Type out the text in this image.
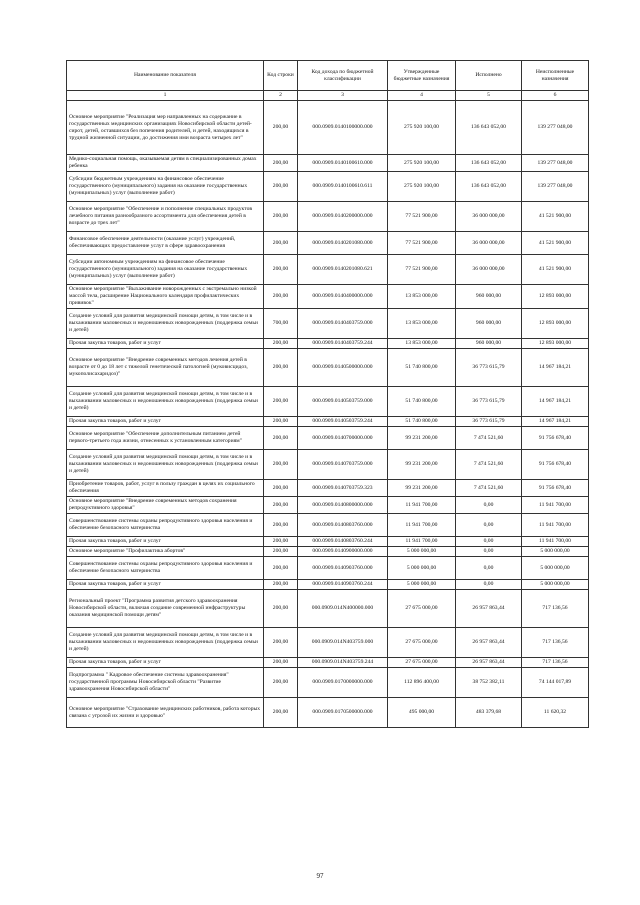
Наименование показателя	Код строки	Код дохода по бюджетной классификации	Утвержденные бюджетные назначения	Исполнено	Неисполненные назначения
1	2	3	4	5	6
Основное мероприятие "Реализация мер направленных на содержание в государственных медицинских организациях Новосибирской области детей-сирот, детей, оставшихся без попечения родителей, и детей, находящихся в трудной жизненной ситуации, до достижения ими возраста четырех лет"	200,00	000.0909.0140100000.000	275 920 100,00	136 643 052,00	139 277 048,00
Медико-социальная помощь, оказываемая детям в специализированных домах ребенка	200,00	000.0909.0140100610.000	275 920 100,00	136 643 052,00	139 277 048,00
Субсидии бюджетным учреждениям на финансовое обеспечение государственного (муниципального) задания на оказание государственных (муниципальных) услуг (выполнение работ)	200,00	000.0909.0140100610.611	275 920 100,00	136 643 052,00	139 277 048,00
Основное мероприятие "Обеспечение и пополнение специальных продуктов лечебного питания разнообразного ассортимента для обеспечения детей в возрасте до трех лет"	200,00	000.0909.0140200000.000	77 521 900,00	36 000 000,00	41 521 900,00
Финансовое обеспечение деятельности (оказание услуг) учреждений, обеспечивающих предоставление услуг в сфере здравоохранения	200,00	000.0909.0140201080.000	77 521 900,00	36 000 000,00	41 521 900,00
Субсидии автономным учреждениям на финансовое обеспечение государственного (муниципального) задания на оказание государственных (муниципальных) услуг (выполнение работ)	200,00	000.0909.0140201080.621	77 521 900,00	36 000 000,00	41 521 900,00
Основное мероприятие "Выхаживание новорожденных с экстремально низкой массой тела, расширение Национального календаря профилактических прививок"	200,00	000.0909.0140400000.000	13 853 000,00	960 000,00	12 893 000,00
Создание условий для развития медицинской помощи детям, в том числе и в выхаживании маловесных и недоношенных новорожденных (поддержка семьи и детей)	700,00	000.0909.0140403759.000	13 853 000,00	960 000,00	12 893 000,00
Прочая закупка товаров, работ и услуг	200,00	000.0909.0140403759.244	13 853 000,00	960 000,00	12 893 000,00
Основное мероприятие "Внедрение современных методов лечения детей в возрасте от 0 до 18 лет с тяжелой генетической патологией (муковисцидоз, мукополисахаридоз)"	200,00	000.0909.0140500000.000	51 740 800,00	36 773 615,79	14 967 184,21
Создание условий для развития медицинской помощи детям, в том числе и в выхаживании маловесных и недоношенных новорожденных (поддержка семьи и детей)	200,00	000.0909.0140503759.000	51 740 800,00	36 773 615,79	14 967 184,21
Прочая закупка товаров, работ и услуг	200,00	000.0909.0140503759.244	51 740 800,00	36 773 615,79	14 967 184,21
Основное мероприятие "Обеспечение дополнительным питанием детей первого-третьего года жизни, отнесенных к установленным категориям"	200,00	000.0909.0140700000.000	99 231 200,00	7 474 521,60	91 756 678,40
Создание условий для развития медицинской помощи детям, в том числе и в выхаживании маловесных и недоношенных новорожденных (поддержка семьи и детей)	200,00	000.0909.0140703759.000	99 231 200,00	7 474 521,60	91 756 678,40
Приобретение товаров, работ, услуг в пользу граждан в целях их социального обеспечения	200,00	000.0909.0140703759.323	99 231 200,00	7 474 521,60	91 756 678,40
Основное мероприятие "Внедрение современных методов сохранения репродуктивного здоровья"	200,00	000.0909.0140800000.000	11 941 700,00	0,00	11 941 700,00
Совершенствование системы охраны репродуктивного здоровья населения и обеспечение безопасного материнства	200,00	000.0909.0140803760.000	11 941 700,00	0,00	11 941 700,00
Прочая закупка товаров, работ и услуг	200,00	000.0909.0140803760.244	11 941 700,00	0,00	11 941 700,00
Основное мероприятие "Профилактика абортов"	200,00	000.0909.0140900000.000	5 000 000,00	0,00	5 000 000,00
Совершенствование системы охраны репродуктивного здоровья населения и обеспечение безопасного материнства	200,00	000.0909.0140903760.000	5 000 000,00	0,00	5 000 000,00
Прочая закупка товаров, работ и услуг	200,00	000.0909.0140903760.244	5 000 000,00	0,00	5 000 000,00
Региональный проект "Программа развития детского здравоохранения Новосибирской области, включая создание современной инфраструктуры оказания медицинской помощи детям"	200,00	000.0909.014N400000.000	27 675 000,00	26 957 863,44	717 136,56
Создание условий для развития медицинской помощи детям, в том числе и в выхаживании маловесных и недоношенных новорожденных (поддержка семьи и детей)	200,00	000.0909.014N403759.000	27 675 000,00	26 957 863,44	717 136,56
Прочая закупка товаров, работ и услуг	200,00	000.0909.014N403759.244	27 675 000,00	26 957 863,44	717 136,56
Подпрограмма " Кадровое обеспечение системы здравоохранения" государственной программы Новосибирской области "Развитие здравоохранения Новосибирской области"	200,00	000.0909.0170000000.000	112 896 400,00	38 752 382,11	74 144 017,89
Основное мероприятие "Страхование медицинских работников, работа которых связана с угрозой их жизни и здоровью"	200,00	000.0909.0170500000.000	495 000,00	483 379,68	11 620,32
97
